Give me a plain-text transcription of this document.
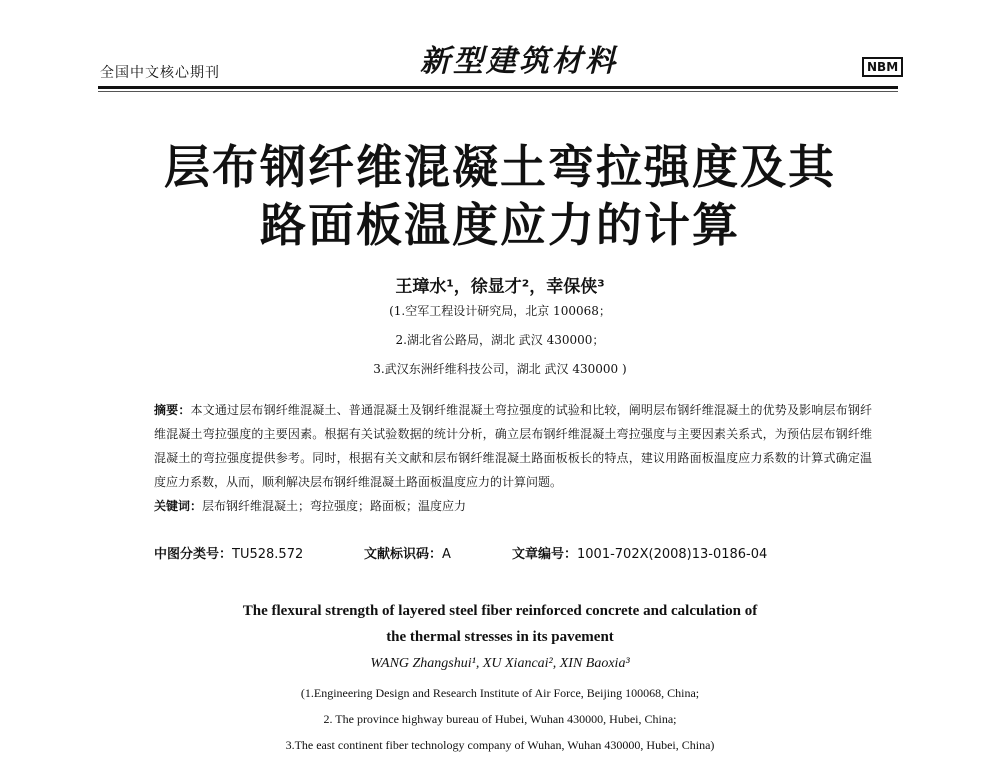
全国中文核心期刊	新型建筑材料	NBM
层布钢纤维混凝土弯拉强度及其
路面板温度应力的计算
王璋水¹，徐显才²，幸保侠³
(1.空军工程设计研究局，北京 100068；
2.湖北省公路局，湖北 武汉 430000；
3.武汉东洲纤维科技公司，湖北 武汉 430000 )
摘要：本文通过层布钢纤维混凝土、普通混凝土及钢纤维混凝土弯拉强度的试验和比较，阐明层布钢纤维混凝土的优势及影响层布钢纤维混凝土弯拉强度的主要因素。根据有关试验数据的统计分析，确立层布钢纤维混凝土弯拉强度与主要因素关系式，为预估层布钢纤维混凝土的弯拉强度提供参考。同时，根据有关文献和层布钢纤维混凝土路面板板长的特点，建议用路面板温度应力系数的计算式确定温度应力系数，从而，顺利解决层布钢纤维混凝土路面板温度应力的计算问题。
关键词：层布钢纤维混凝土；弯拉强度；路面板；温度应力
中图分类号：TU528.572	文献标识码：A	文章编号：1001-702X(2008)13-0186-04
The flexural strength of layered steel fiber reinforced concrete and calculation of
the thermal stresses in its pavement
WANG Zhangshui¹, XU Xiancai², XIN Baoxia³
(1.Engineering Design and Research Institute of Air Force, Beijing 100068, China;
2. The province highway bureau of Hubei, Wuhan 430000, Hubei, China;
3.The east continent fiber technology company of Wuhan, Wuhan 430000, Hubei, China)
